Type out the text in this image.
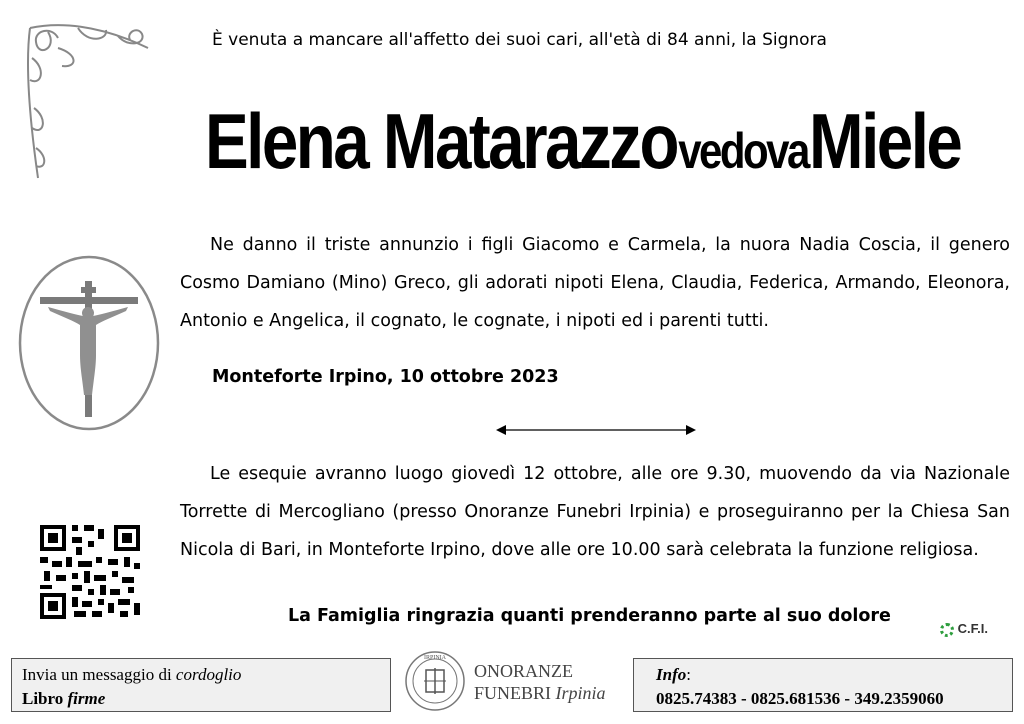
È venuta a mancare all'affetto dei suoi cari, all'età di 84 anni, la Signora
Elena Matarazzo vedova Miele
Ne danno il triste annunzio i figli Giacomo e Carmela, la nuora Nadia Coscia, il genero Cosmo Damiano (Mino) Greco, gli adorati nipoti Elena, Claudia, Federica, Armando, Eleonora, Antonio e Angelica, il cognato, le cognate, i nipoti ed i parenti tutti.
Monteforte Irpino, 10 ottobre 2023
Le esequie avranno luogo giovedì 12 ottobre, alle ore 9.30, muovendo da via Nazionale Torrette di Mercogliano (presso Onoranze Funebri Irpinia) e proseguiranno per la Chiesa San Nicola di Bari, in Monteforte Irpino, dove alle ore 10.00 sarà celebrata la funzione religiosa.
La Famiglia ringrazia quanti prenderanno parte al suo dolore
C.F.I.
Invia un messaggio di cordoglio
Libro firme
IRPINIA
ONORANZE
FUNEBRI Irpinia
Info:
0825.74383 - 0825.681536 - 349.2359060
